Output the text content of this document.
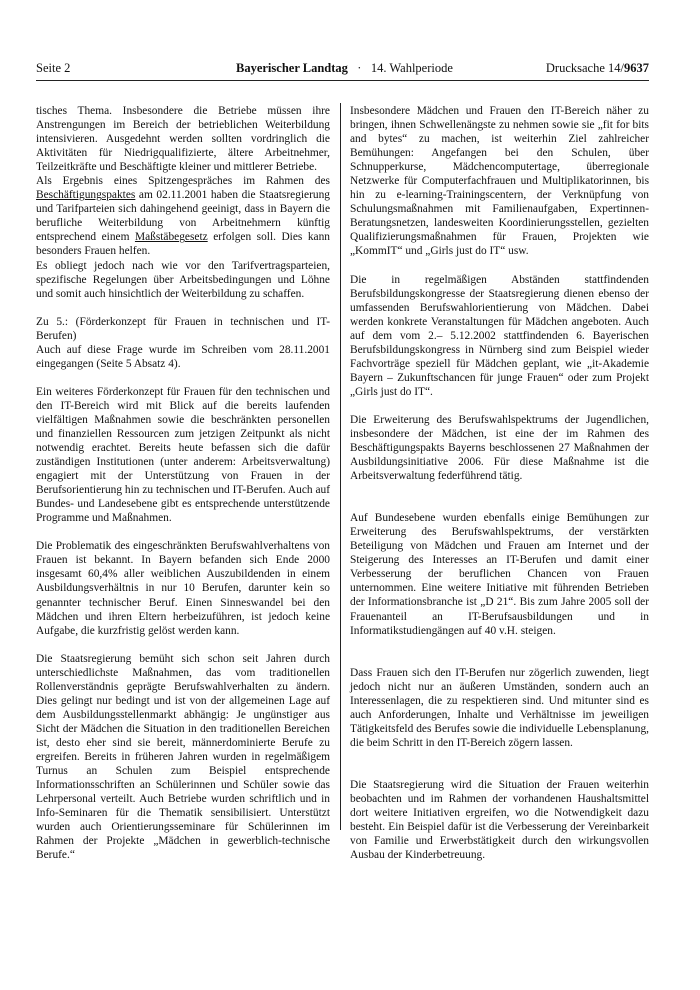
Seite 2	Bayerischer Landtag · 14. Wahlperiode	Drucksache 14/9637

tisches Thema. Insbesondere die Betriebe müssen ihre Anstrengungen im Bereich der betrieblichen Weiterbildung intensivieren. Ausgedehnt werden sollten vordringlich die Aktivitäten für Niedrigqualifizierte, ältere Arbeitnehmer, Teilzeitkräfte und Beschäftigte kleiner und mittlerer Betriebe.

Als Ergebnis eines Spitzengespräches im Rahmen des Beschäftigungspaktes am 02.11.2001 haben die Staatsregierung und Tarifparteien sich dahingehend geeinigt, dass in Bayern die berufliche Weiterbildung von Arbeitnehmern künftig entsprechend einem Maßstäbegesetz erfolgen soll. Dies kann besonders Frauen helfen.

Es obliegt jedoch nach wie vor den Tarifvertragsparteien, spezifische Regelungen über Arbeitsbedingungen und Löhne und somit auch hinsichtlich der Weiterbildung zu schaffen.

Zu 5.: (Förderkonzept für Frauen in technischen und IT-Berufen)

Auch auf diese Frage wurde im Schreiben vom 28.11.2001 eingegangen (Seite 5 Absatz 4).

Ein weiteres Förderkonzept für Frauen für den technischen und den IT-Bereich wird mit Blick auf die bereits laufenden vielfältigen Maßnahmen sowie die beschränkten personellen und finanziellen Ressourcen zum jetzigen Zeitpunkt als nicht notwendig erachtet. Bereits heute befassen sich die dafür zuständigen Institutionen (unter anderem: Arbeitsverwaltung) engagiert mit der Unterstützung von Frauen in der Berufsorientierung hin zu technischen und IT-Berufen. Auch auf Bundes- und Landesebene gibt es entsprechende unterstützende Programme und Maßnahmen.

Die Problematik des eingeschränkten Berufswahlverhaltens von Frauen ist bekannt. In Bayern befanden sich Ende 2000 insgesamt 60,4% aller weiblichen Auszubildenden in einem Ausbildungsverhältnis in nur 10 Berufen, darunter kein so genannter technischer Beruf. Einen Sinneswandel bei den Mädchen und ihren Eltern herbeizuführen, ist jedoch keine Aufgabe, die kurzfristig gelöst werden kann.

Die Staatsregierung bemüht sich schon seit Jahren durch unterschiedlichste Maßnahmen, das vom traditionellen Rollenverständnis geprägte Berufswahlverhalten zu ändern. Dies gelingt nur bedingt und ist von der allgemeinen Lage auf dem Ausbildungsstellenmarkt abhängig: Je ungünstiger aus Sicht der Mädchen die Situation in den traditionellen Bereichen ist, desto eher sind sie bereit, männerdominierte Berufe zu ergreifen. Bereits in früheren Jahren wurden in regelmäßigem Turnus an Schulen zum Beispiel entsprechende Informationsschriften an Schülerinnen und Schüler sowie das Lehrpersonal verteilt. Auch Betriebe wurden schriftlich und in Info-Seminaren für die Thematik sensibilisiert. Unterstützt wurden auch Orientierungsseminare für Schülerinnen im Rahmen der Projekte „Mädchen in gewerblich-technische Berufe.“

Insbesondere Mädchen und Frauen den IT-Bereich näher zu bringen, ihnen Schwellenängste zu nehmen sowie sie „fit for bits and bytes“ zu machen, ist weiterhin Ziel zahlreicher Bemühungen: Angefangen bei den Schulen, über Schnupperkurse, Mädchencomputertage, überregionale Netzwerke für Computerfachfrauen und Multiplikatorinnen, bis hin zu e-learning-Trainingscentern, der Verknüpfung von Schulungsmaßnahmen mit Familienaufgaben, Expertinnen-Beratungsnetzen, landesweiten Koordinierungsstellen, gezielten Qualifizierungsmaßnahmen für Frauen, Projekten wie „KommIT“ und „Girls just do IT“ usw.

Die in regelmäßigen Abständen stattfindenden Berufsbildungskongresse der Staatsregierung dienen ebenso der umfassenden Berufswahlorientierung von Mädchen. Dabei werden konkrete Veranstaltungen für Mädchen angeboten. Auch auf dem vom 2.– 5.12.2002 stattfindenden 6. Bayerischen Berufsbildungskongress in Nürnberg sind zum Beispiel wieder Fachvorträge speziell für Mädchen geplant, wie „it-Akademie Bayern – Zukunftschancen für junge Frauen“ oder zum Projekt „Girls just do IT“.

Die Erweiterung des Berufswahlspektrums der Jugendlichen, insbesondere der Mädchen, ist eine der im Rahmen des Beschäftigungspakts Bayerns beschlossenen 27 Maßnahmen der Ausbildungsinitiative 2006. Für diese Maßnahme ist die Arbeitsverwaltung federführend tätig.

Auf Bundesebene wurden ebenfalls einige Bemühungen zur Erweiterung des Berufswahlspektrums, der verstärkten Beteiligung von Mädchen und Frauen am Internet und der Steigerung des Interesses an IT-Berufen und damit einer Verbesserung der beruflichen Chancen von Frauen unternommen. Eine weitere Initiative mit führenden Betrieben der Informationsbranche ist „D 21“. Bis zum Jahre 2005 soll der Frauenanteil an IT-Berufsausbildungen und in Informatikstudiengängen auf 40 v.H. steigen.

Dass Frauen sich den IT-Berufen nur zögerlich zuwenden, liegt jedoch nicht nur an äußeren Umständen, sondern auch an Interessenlagen, die zu respektieren sind. Und mitunter sind es auch Anforderungen, Inhalte und Verhältnisse im jeweiligen Tätigkeitsfeld des Berufes sowie die individuelle Lebensplanung, die beim Schritt in den IT-Bereich zögern lassen.

Die Staatsregierung wird die Situation der Frauen weiterhin beobachten und im Rahmen der vorhandenen Haushaltsmittel dort weitere Initiativen ergreifen, wo die Notwendigkeit dazu besteht. Ein Beispiel dafür ist die Verbesserung der Vereinbarkeit von Familie und Erwerbstätigkeit durch den wirkungsvollen Ausbau der Kinderbetreuung.
